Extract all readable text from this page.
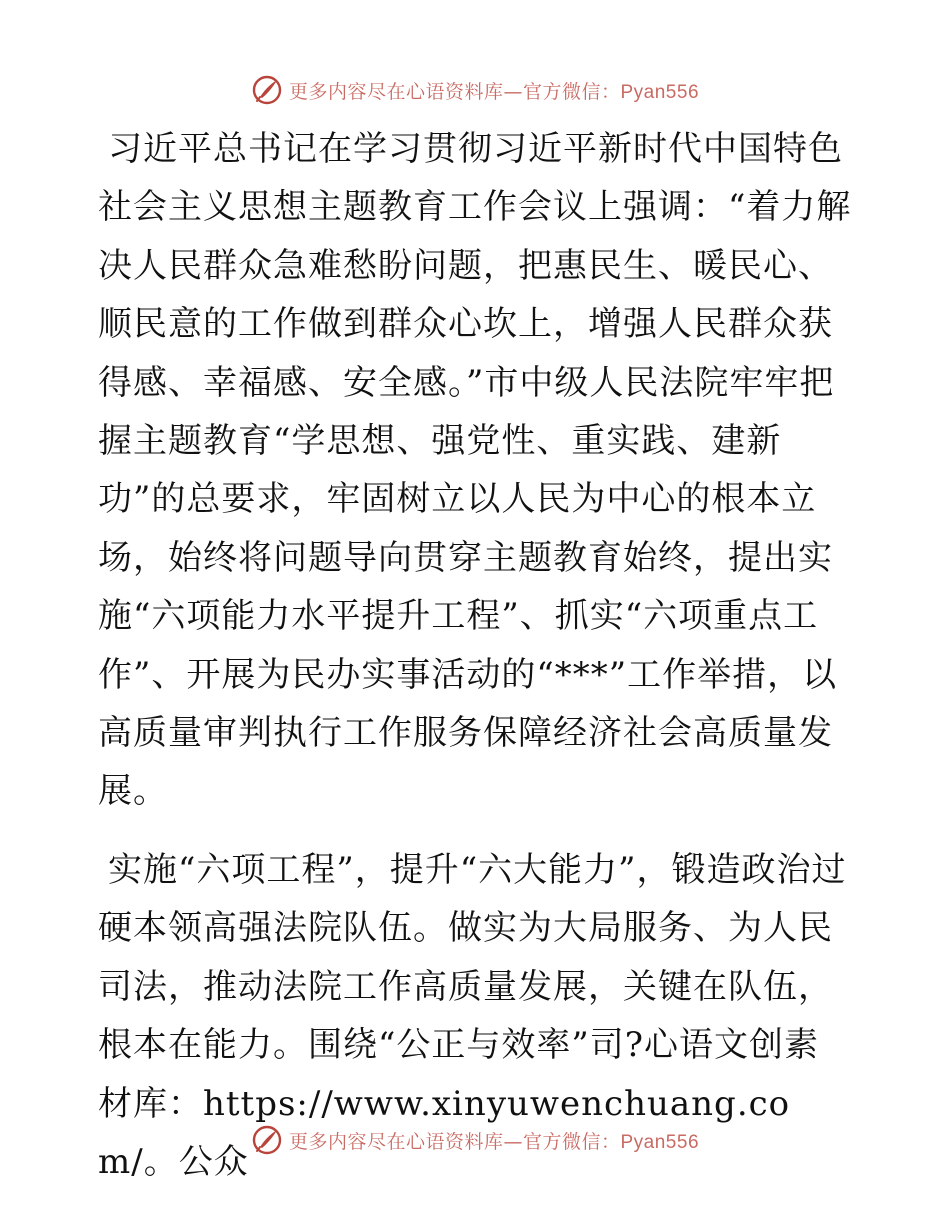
更多内容尽在心语资料库—官方微信：Pyan556

习近平总书记在学习贯彻习近平新时代中国特色社会主义思想主题教育工作会议上强调：“着力解决人民群众急难愁盼问题，把惠民生、暖民心、顺民意的工作做到群众心坎上，增强人民群众获得感、幸福感、安全感。”市中级人民法院牢牢把握主题教育“学思想、强党性、重实践、建新功”的总要求，牢固树立以人民为中心的根本立场，始终将问题导向贯穿主题教育始终，提出实施“六项能力水平提升工程”、抓实“六项重点工作”、开展为民办实事活动的“***”工作举措，以高质量审判执行工作服务保障经济社会高质量发展。

实施“六项工程”，提升“六大能力”，锻造政治过硬本领高强法院队伍。做实为大局服务、为人民司法，推动法院工作高质量发展，关键在队伍，根本在能力。围绕“公正与效率”司?心语文创素材库：https://www.xinyuwenchuang.com/。公众

更多内容尽在心语资料库—官方微信：Pyan556
